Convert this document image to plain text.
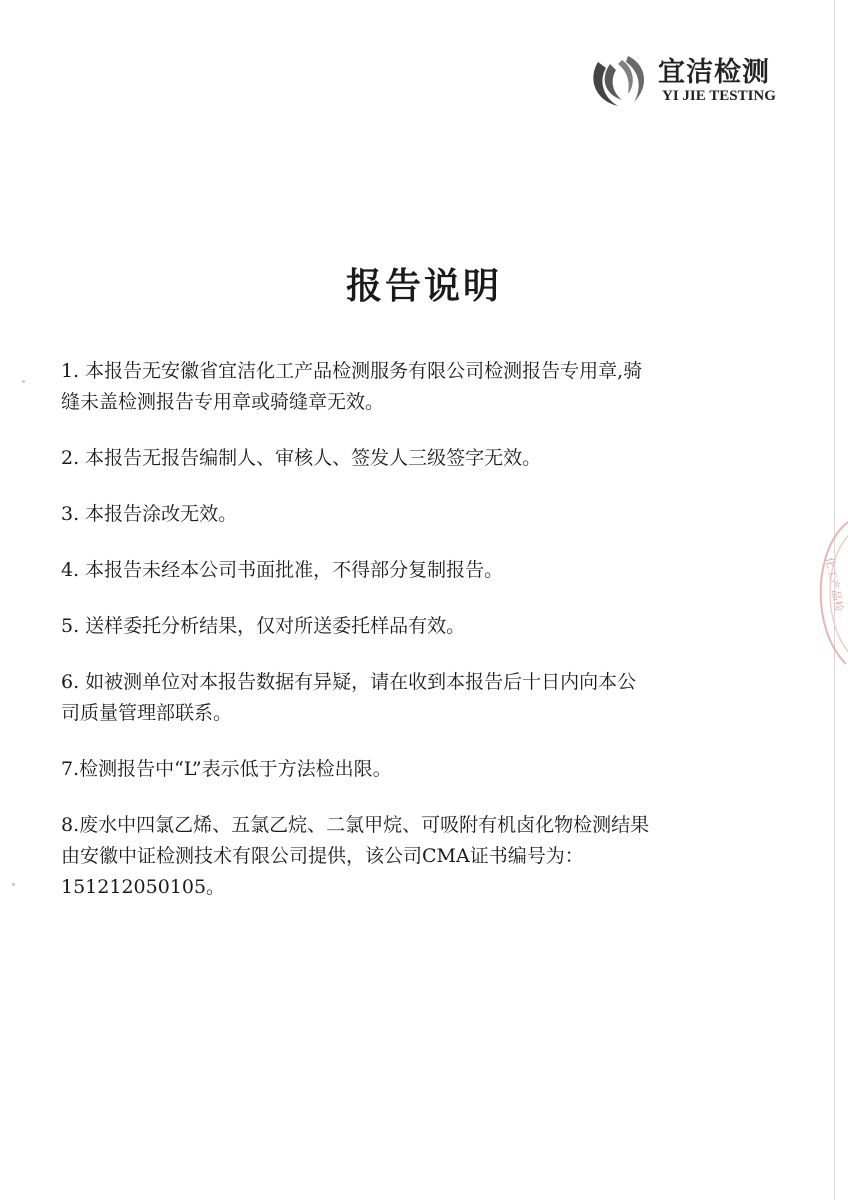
宜洁检测
YI JIE TESTING
报告说明

1. 本报告无安徽省宜洁化工产品检测服务有限公司检测报告专用章,骑
缝未盖检测报告专用章或骑缝章无效。

2. 本报告无报告编制人、审核人、签发人三级签字无效。

3. 本报告涂改无效。

4. 本报告未经本公司书面批准，不得部分复制报告。

5. 送样委托分析结果，仅对所送委托样品有效。

6. 如被测单位对本报告数据有异疑，请在收到本报告后十日内向本公
司质量管理部联系。

7.检测报告中“L”表示低于方法检出限。

8.废水中四氯乙烯、五氯乙烷、二氯甲烷、可吸附有机卤化物检测结果
由安徽中证检测技术有限公司提供，该公司CMA证书编号为：
151212050105。

化工产品检
